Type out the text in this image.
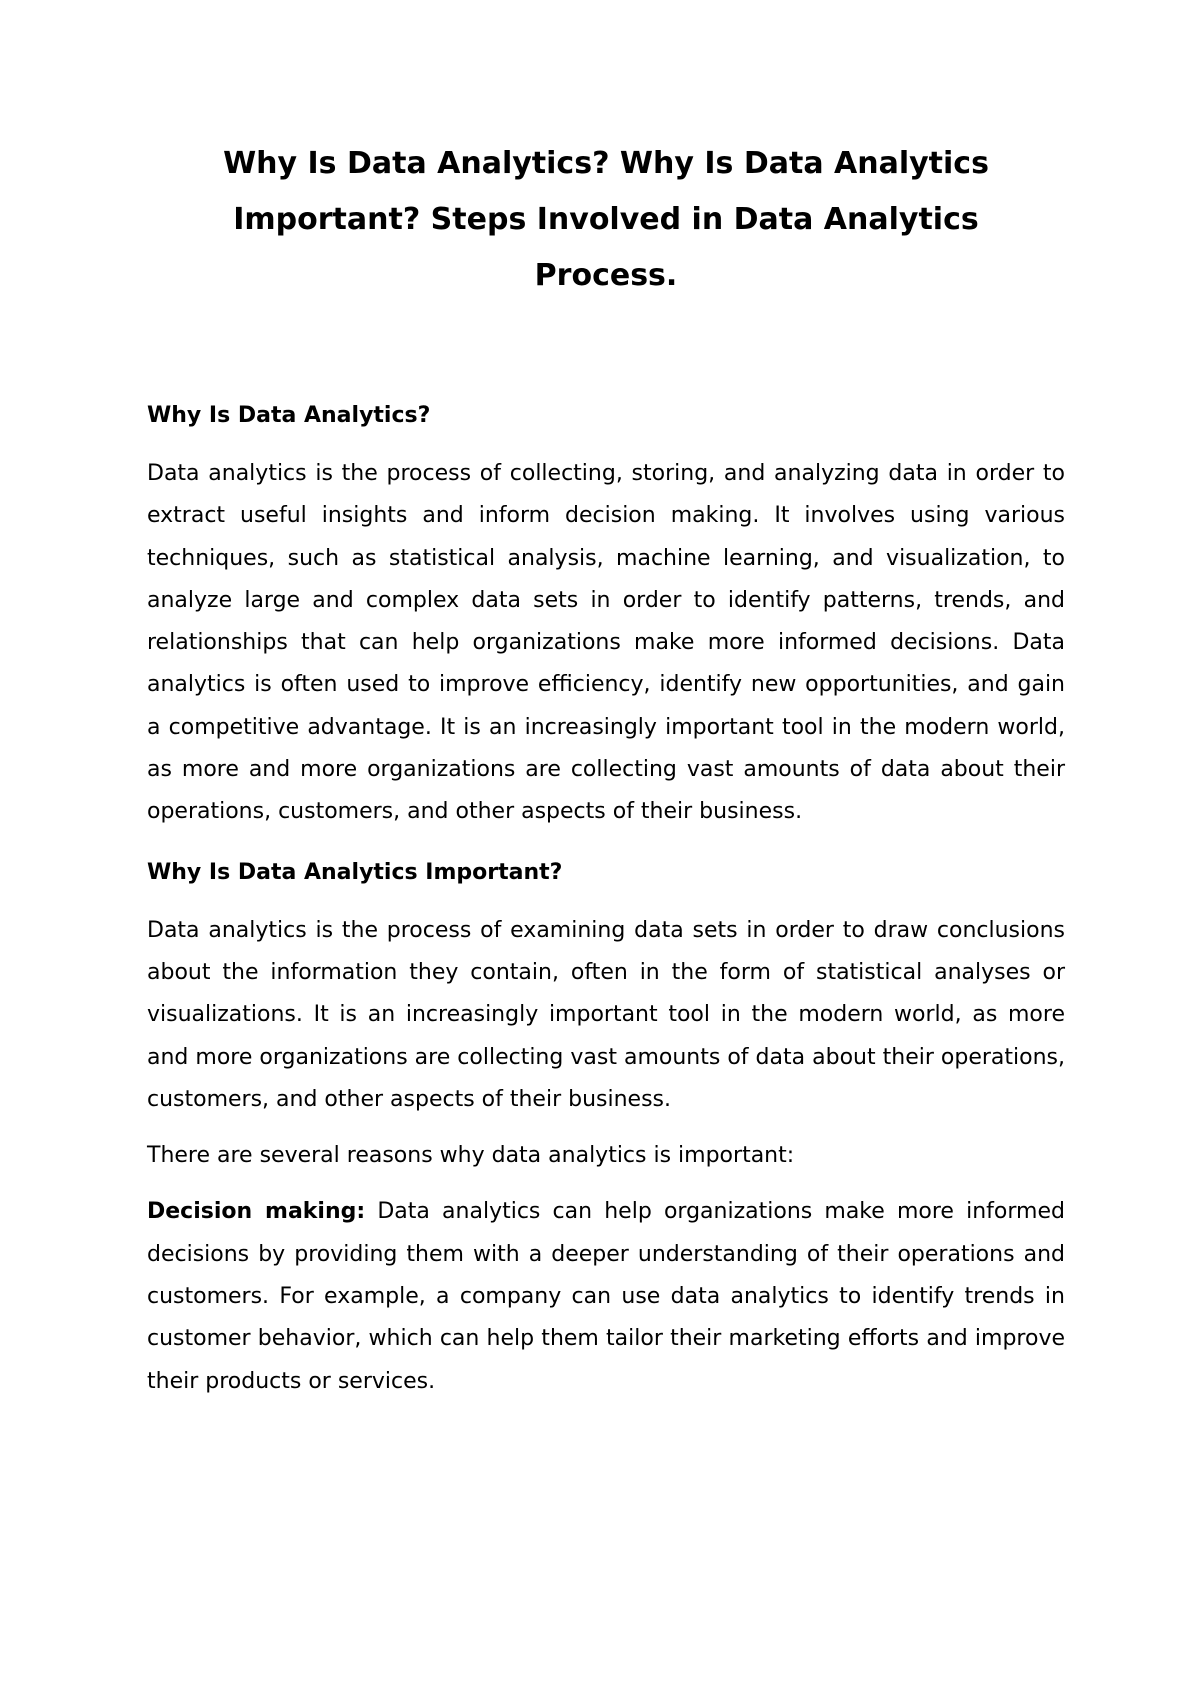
Why Is Data Analytics? Why Is Data Analytics
Important? Steps Involved in Data Analytics
Process.
Why Is Data Analytics?

Data analytics is the process of collecting, storing, and analyzing data in order to extract useful insights and inform decision making. It involves using various techniques, such as statistical analysis, machine learning, and visualization, to analyze large and complex data sets in order to identify patterns, trends, and relationships that can help organizations make more informed decisions. Data analytics is often used to improve efficiency, identify new opportunities, and gain a competitive advantage. It is an increasingly important tool in the modern world, as more and more organizations are collecting vast amounts of data about their operations, customers, and other aspects of their business.

Why Is Data Analytics Important?

Data analytics is the process of examining data sets in order to draw conclusions about the information they contain, often in the form of statistical analyses or visualizations. It is an increasingly important tool in the modern world, as more and more organizations are collecting vast amounts of data about their operations, customers, and other aspects of their business.

There are several reasons why data analytics is important:

Decision making: Data analytics can help organizations make more informed decisions by providing them with a deeper understanding of their operations and customers. For example, a company can use data analytics to identify trends in customer behavior, which can help them tailor their marketing efforts and improve their products or services.
